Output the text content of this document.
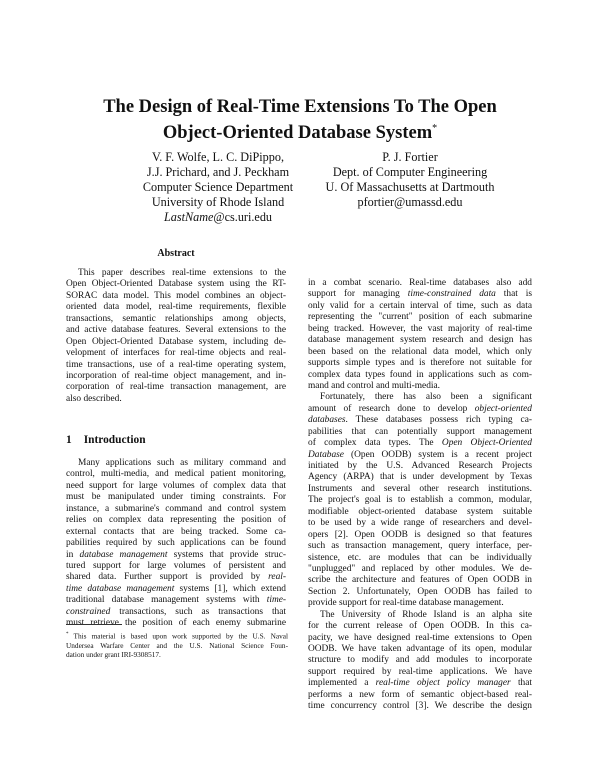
The Design of Real-Time Extensions To The Open
Object-Oriented Database System*
V. F. Wolfe, L. C. DiPippo,
J.J. Prichard, and J. Peckham
Computer Science Department
University of Rhode Island
LastName@cs.uri.edu
P. J. Fortier
Dept. of Computer Engineering
U. Of Massachusetts at Dartmouth
pfortier@umassd.edu
Abstract
This paper describes real-time extensions to the
Open Object-Oriented Database system using the RT-
SORAC data model. This model combines an object-
oriented data model, real-time requirements, flexible
transactions, semantic relationships among objects,
and active database features. Several extensions to the
Open Object-Oriented Database system, including de-
velopment of interfaces for real-time objects and real-
time transactions, use of a real-time operating system,
incorporation of real-time object management, and in-
corporation of real-time transaction management, are
also described.
1 Introduction
Many applications such as military command and
control, multi-media, and medical patient monitoring,
need support for large volumes of complex data that
must be manipulated under timing constraints. For
instance, a submarine's command and control system
relies on complex data representing the position of
external contacts that are being tracked. Some ca-
pabilities required by such applications can be found
in database management systems that provide struc-
tured support for large volumes of persistent and
shared data. Further support is provided by real-
time database management systems [1], which extend
traditional database management systems with time-
constrained transactions, such as transactions that
must retrieve the position of each enemy submarine
* This material is based upon work supported by the U.S. Naval
Undersea Warfare Center and the U.S. National Science Foun-
dation under grant IRI-9308517.
in a combat scenario. Real-time databases also add
support for managing time-constrained data that is
only valid for a certain interval of time, such as data
representing the "current" position of each submarine
being tracked. However, the vast majority of real-time
database management system research and design has
been based on the relational data model, which only
supports simple types and is therefore not suitable for
complex data types found in applications such as com-
mand and control and multi-media.
Fortunately, there has also been a significant
amount of research done to develop object-oriented
databases. These databases possess rich typing ca-
pabilities that can potentially support management
of complex data types. The Open Object-Oriented
Database (Open OODB) system is a recent project
initiated by the U.S. Advanced Research Projects
Agency (ARPA) that is under development by Texas
Instruments and several other research institutions.
The project's goal is to establish a common, modular,
modifiable object-oriented database system suitable
to be used by a wide range of researchers and devel-
opers [2]. Open OODB is designed so that features
such as transaction management, query interface, per-
sistence, etc. are modules that can be individually
"unplugged" and replaced by other modules. We de-
scribe the architecture and features of Open OODB in
Section 2. Unfortunately, Open OODB has failed to
provide support for real-time database management.
The University of Rhode Island is an alpha site
for the current release of Open OODB. In this ca-
pacity, we have designed real-time extensions to Open
OODB. We have taken advantage of its open, modular
structure to modify and add modules to incorporate
support required by real-time applications. We have
implemented a real-time object policy manager that
performs a new form of semantic object-based real-
time concurrency control [3]. We describe the design
